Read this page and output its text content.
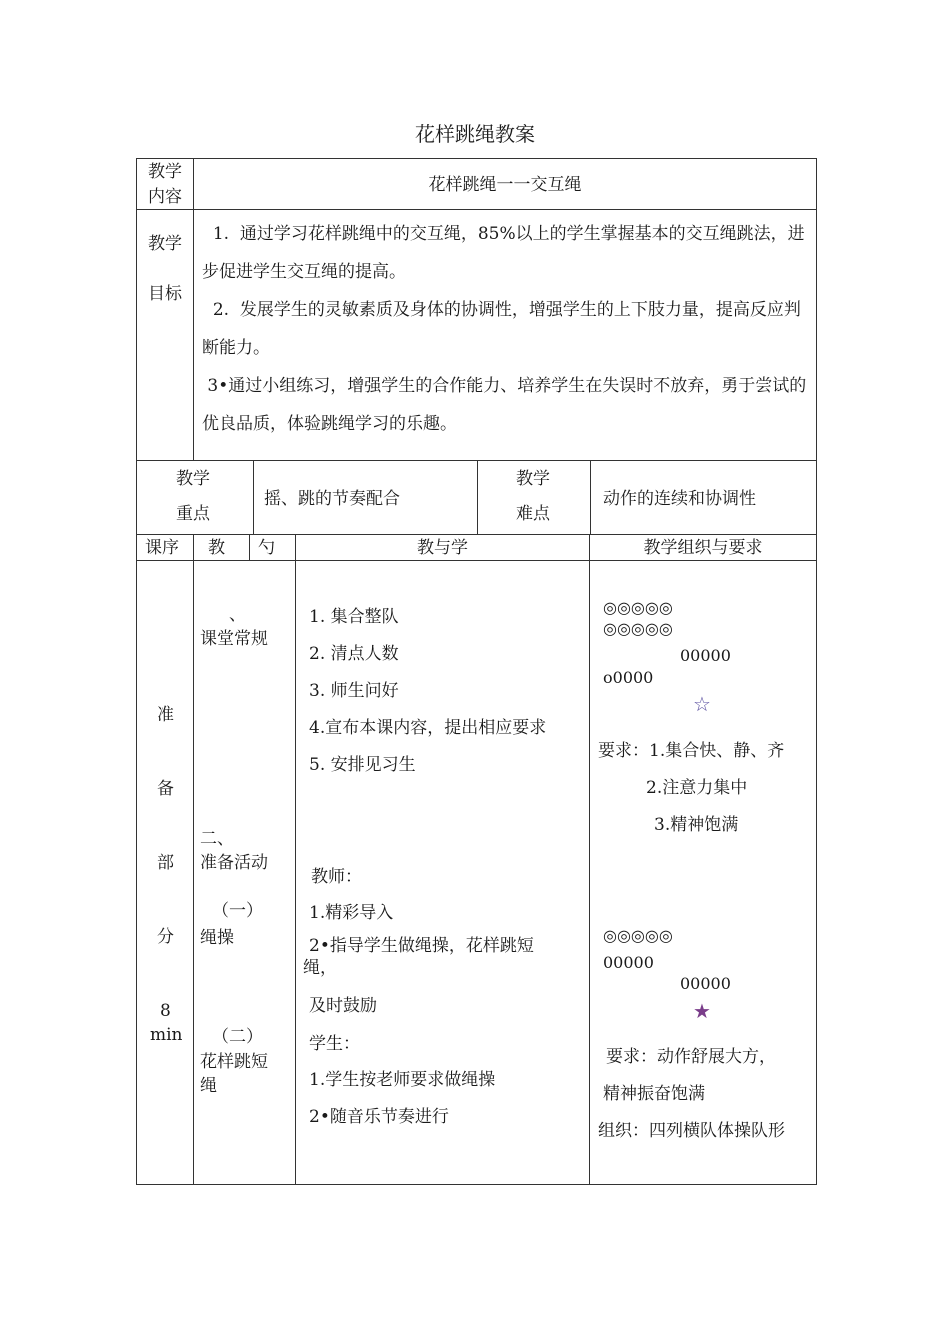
花样跳绳教案
教学
内容
花样跳绳一一交互绳
教学
目标
1.  通过学习花样跳绳中的交互绳，85%以上的学生掌握基本的交互绳跳法，进步促进学生交互绳的提高。
2.  发展学生的灵敏素质及身体的协调性，增强学生的上下肢力量，提高反应判断能力。
3•通过小组练习，增强学生的合作能力、培养学生在失误时不放弃，勇于尝试的优良品质，体验跳绳学习的乐趣。
教学
重点
摇、跳的节奏配合
教学
难点
动作的连续和协调性
课序 教 勺	教与学	教学组织与要求
准
备
部
分
8
min
、
课堂常规
二、
准备活动
（一）
绳操
（二）
花样跳短
绳
1. 集合整队
2. 清点人数
3. 师生问好
4.宣布本课内容，提出相应要求
5. 安排见习生
教师：
1.精彩导入
2•指导学生做绳操，花样跳短
绳，
及时鼓励
学生：
1.学生按老师要求做绳操
2•随音乐节奏进行
◎◎◎◎◎
◎◎◎◎◎
00000
o0000
☆
要求：1.集合快、静、齐
2.注意力集中
3.精神饱满
◎◎◎◎◎
00000
00000
★
要求：动作舒展大方，
精神振奋饱满
组织：四列横队体操队形
